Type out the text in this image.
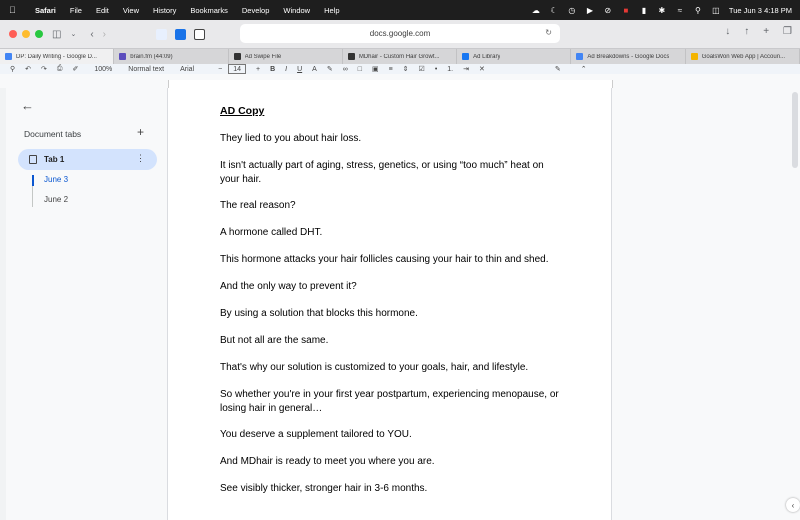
Safari File Edit View History Bookmarks Develop Window Help	☁ ☾ ◷ ▶ ⊘	■	▮	✱	≈	⚲ ◫ Tue Jun 3 4:18 PM
◫ ⌄ ‹ ›	docs.google.com	↻	↓ ↑ + ❐
DP: Daily Writing - Google D...	brain.fm (44:09)	Ad Swipe File	MDhair - Custom Hair Growt...	Ad Library	Ad Breakdowns - Google Docs	GoalsWon Web App | Accoun...
⚲ ↶ ↷ ⎙ ✐ 100% Normal text Arial	−	14	+ B I U A ✎ ∞ □ ▣ ≡ ⇕ ☑ • 1. ⇥ ✕	✎	⌃
←
Document tabs	+
Tab 1	⋮
June 3
June 2
AD Copy
They lied to you about hair loss.
It isn't actually part of aging, stress, genetics, or using “too much” heat on your hair.
The real reason?
A hormone called DHT.
This hormone attacks your hair follicles causing your hair to thin and shed.
And the only way to prevent it?
By using a solution that blocks this hormone.
But not all are the same.
That's why our solution is customized to your goals, hair, and lifestyle.
So whether you're in your first year postpartum, experiencing menopause, or losing hair in general…
You deserve a supplement tailored to YOU.
And MDhair is ready to meet you where you are.
See visibly thicker, stronger hair in 3-6 months.
‹
